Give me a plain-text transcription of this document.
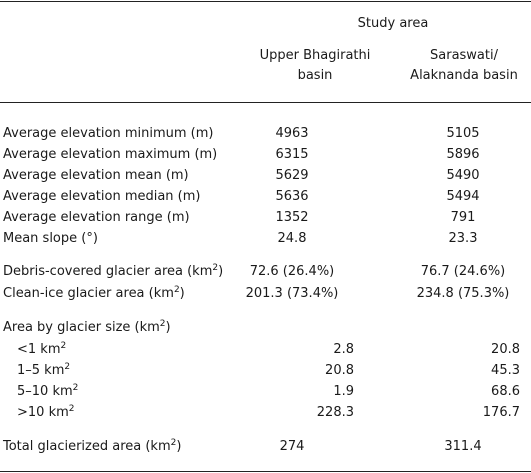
Study area
Upper Bhagirathi
basin
Saraswati/
Alaknanda basin
Average elevation minimum (m)	4963	5105
Average elevation maximum (m)	6315	5896
Average elevation mean (m)	5629	5490
Average elevation median (m)	5636	5494
Average elevation range (m)	1352	791
Mean slope (°)	24.8	23.3
Debris-covered glacier area $(km^2)$	72.6 (26.4%)	76.7 (24.6%)
Clean-ice glacier area $(km^2)$	201.3 (73.4%)	234.8 (75.3%)
Area by glacier size $(km^2)$
<1 $km^2$	2.8	20.8
1–5 $km^2$	20.8	45.3
5–10 $km^2$	1.9	68.6
>10 $km^2$	228.3	176.7
Total glacierized area $(km^2)$	274	311.4
